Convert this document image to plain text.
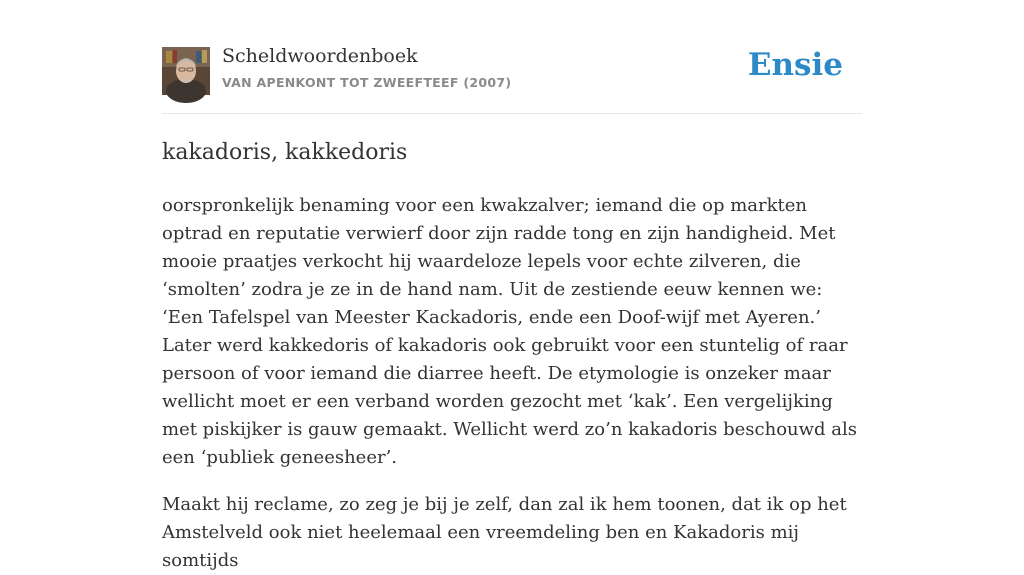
Scheldwoordenboek
VAN APENKONT TOT ZWEEFTEEF (2007)	Ensie
kakadoris, kakkedoris

oorspronkelijk benaming voor een kwakzalver; iemand die op markten optrad en reputatie verwierf door zijn radde tong en zijn handigheid. Met mooie praatjes verkocht hij waardeloze lepels voor echte zilveren, die ‘smolten’ zodra je ze in de hand nam. Uit de zestiende eeuw kennen we: ‘Een Tafelspel van Meester Kackadoris, ende een Doof-wijf met Ayeren.’ Later werd kakkedoris of kakadoris ook gebruikt voor een stuntelig of raar persoon of voor iemand die diarree heeft. De etymologie is onzeker maar wellicht moet er een verband worden gezocht met ‘kak’. Een vergelijking met piskijker is gauw gemaakt. Wellicht werd zo’n kakadoris beschouwd als een ‘publiek geneesheer’.

Maakt hij reclame, zo zeg je bij je zelf, dan zal ik hem toonen, dat ik op het Amstelveld ook niet heelemaal een vreemdeling ben en Kakadoris mij somtijds
